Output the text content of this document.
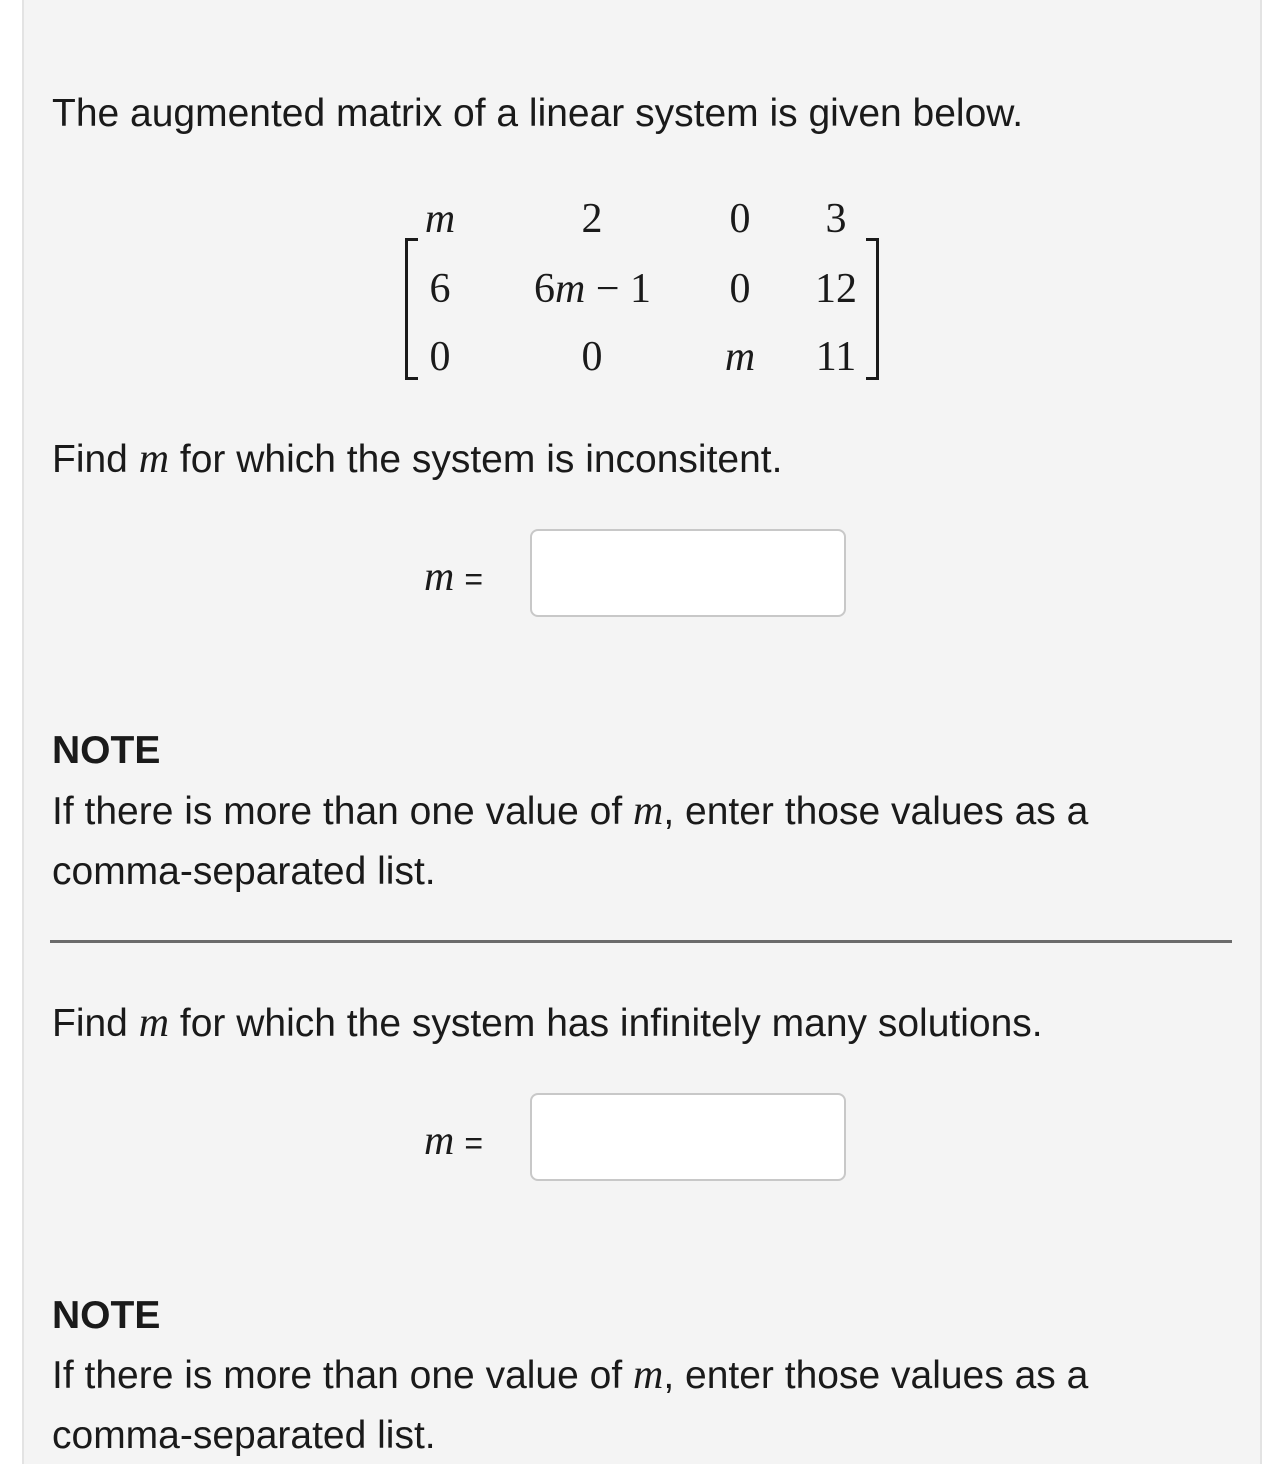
The augmented matrix of a linear system is given below.
m	2	0	3
6	6m − 1	0	12
0	0	m	11
Find m for which the system is inconsitent.
m =
NOTE
If there is more than one value of m, enter those values as a comma-separated list.
Find m for which the system has infinitely many solutions.
m =
NOTE
If there is more than one value of m, enter those values as a comma-separated list.
